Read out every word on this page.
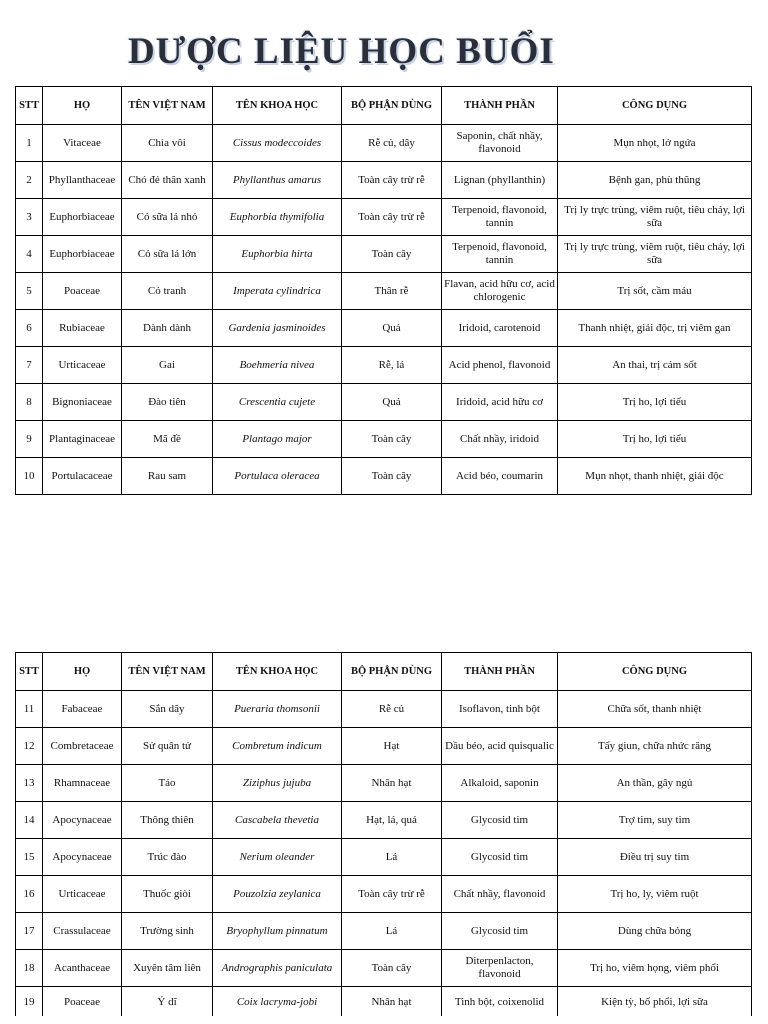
DƯỢC LIỆU HỌC BUỔI
STT	HỌ	TÊN VIỆT NAM	TÊN KHOA HỌC	BỘ PHẬN DÙNG	THÀNH PHẦN	CÔNG DỤNG
1	Vitaceae	Chìa vôi	Cissus modeccoides	Rễ củ, dây	Saponin, chất nhầy, flavonoid	Mụn nhọt, lở ngứa
2	Phyllanthaceae	Chó đẻ thân xanh	Phyllanthus amarus	Toàn cây trừ rễ	Lignan (phyllanthin)	Bệnh gan, phù thũng
3	Euphorbiaceae	Cỏ sữa lá nhỏ	Euphorbia thymifolia	Toàn cây trừ rễ	Terpenoid, flavonoid, tannin	Trị ly trực trùng, viêm ruột, tiêu chảy, lợi sữa
4	Euphorbiaceae	Cỏ sữa lá lớn	Euphorbia hirta	Toàn cây	Terpenoid, flavonoid, tannin	Trị ly trực trùng, viêm ruột, tiêu chảy, lợi sữa
5	Poaceae	Cỏ tranh	Imperata cylindrica	Thân rễ	Flavan, acid hữu cơ, acid chlorogenic	Trị sốt, cầm máu
6	Rubiaceae	Dành dành	Gardenia jasminoides	Quả	Iridoid, carotenoid	Thanh nhiệt, giải độc, trị viêm gan
7	Urticaceae	Gai	Boehmeria nivea	Rễ, lá	Acid phenol, flavonoid	An thai, trị cảm sốt
8	Bignoniaceae	Đào tiên	Crescentia cujete	Quả	Iridoid, acid hữu cơ	Trị ho, lợi tiểu
9	Plantaginaceae	Mã đề	Plantago major	Toàn cây	Chất nhầy, iridoid	Trị ho, lợi tiểu
10	Portulacaceae	Rau sam	Portulaca oleracea	Toàn cây	Acid béo, coumarin	Mụn nhọt, thanh nhiệt, giải độc
STT	HỌ	TÊN VIỆT NAM	TÊN KHOA HỌC	BỘ PHẬN DÙNG	THÀNH PHẦN	CÔNG DỤNG
11	Fabaceae	Sắn dây	Pueraria thomsonii	Rễ củ	Isoflavon, tinh bột	Chữa sốt, thanh nhiệt
12	Combretaceae	Sử quân tử	Combretum indicum	Hạt	Dầu béo, acid quisqualic	Tẩy giun, chữa nhức răng
13	Rhamnaceae	Táo	Ziziphus jujuba	Nhân hạt	Alkaloid, saponin	An thần, gây ngủ
14	Apocynaceae	Thông thiên	Cascabela thevetia	Hạt, lá, quả	Glycosid tim	Trợ tim, suy tim
15	Apocynaceae	Trúc đào	Nerium oleander	Lá	Glycosid tim	Điều trị suy tim
16	Urticaceae	Thuốc giòi	Pouzolzia zeylanica	Toàn cây trừ rễ	Chất nhầy, flavonoid	Trị ho, ly, viêm ruột
17	Crassulaceae	Trường sinh	Bryophyllum pinnatum	Lá	Glycosid tim	Dùng chữa bỏng
18	Acanthaceae	Xuyên tâm liên	Andrographis paniculata	Toàn cây	Diterpenlacton, flavonoid	Trị ho, viêm họng, viêm phổi
19	Poaceae	Ý dĩ	Coix lacryma-jobi	Nhân hạt	Tinh bột, coixenolid	Kiện tỳ, bổ phổi, lợi sữa
